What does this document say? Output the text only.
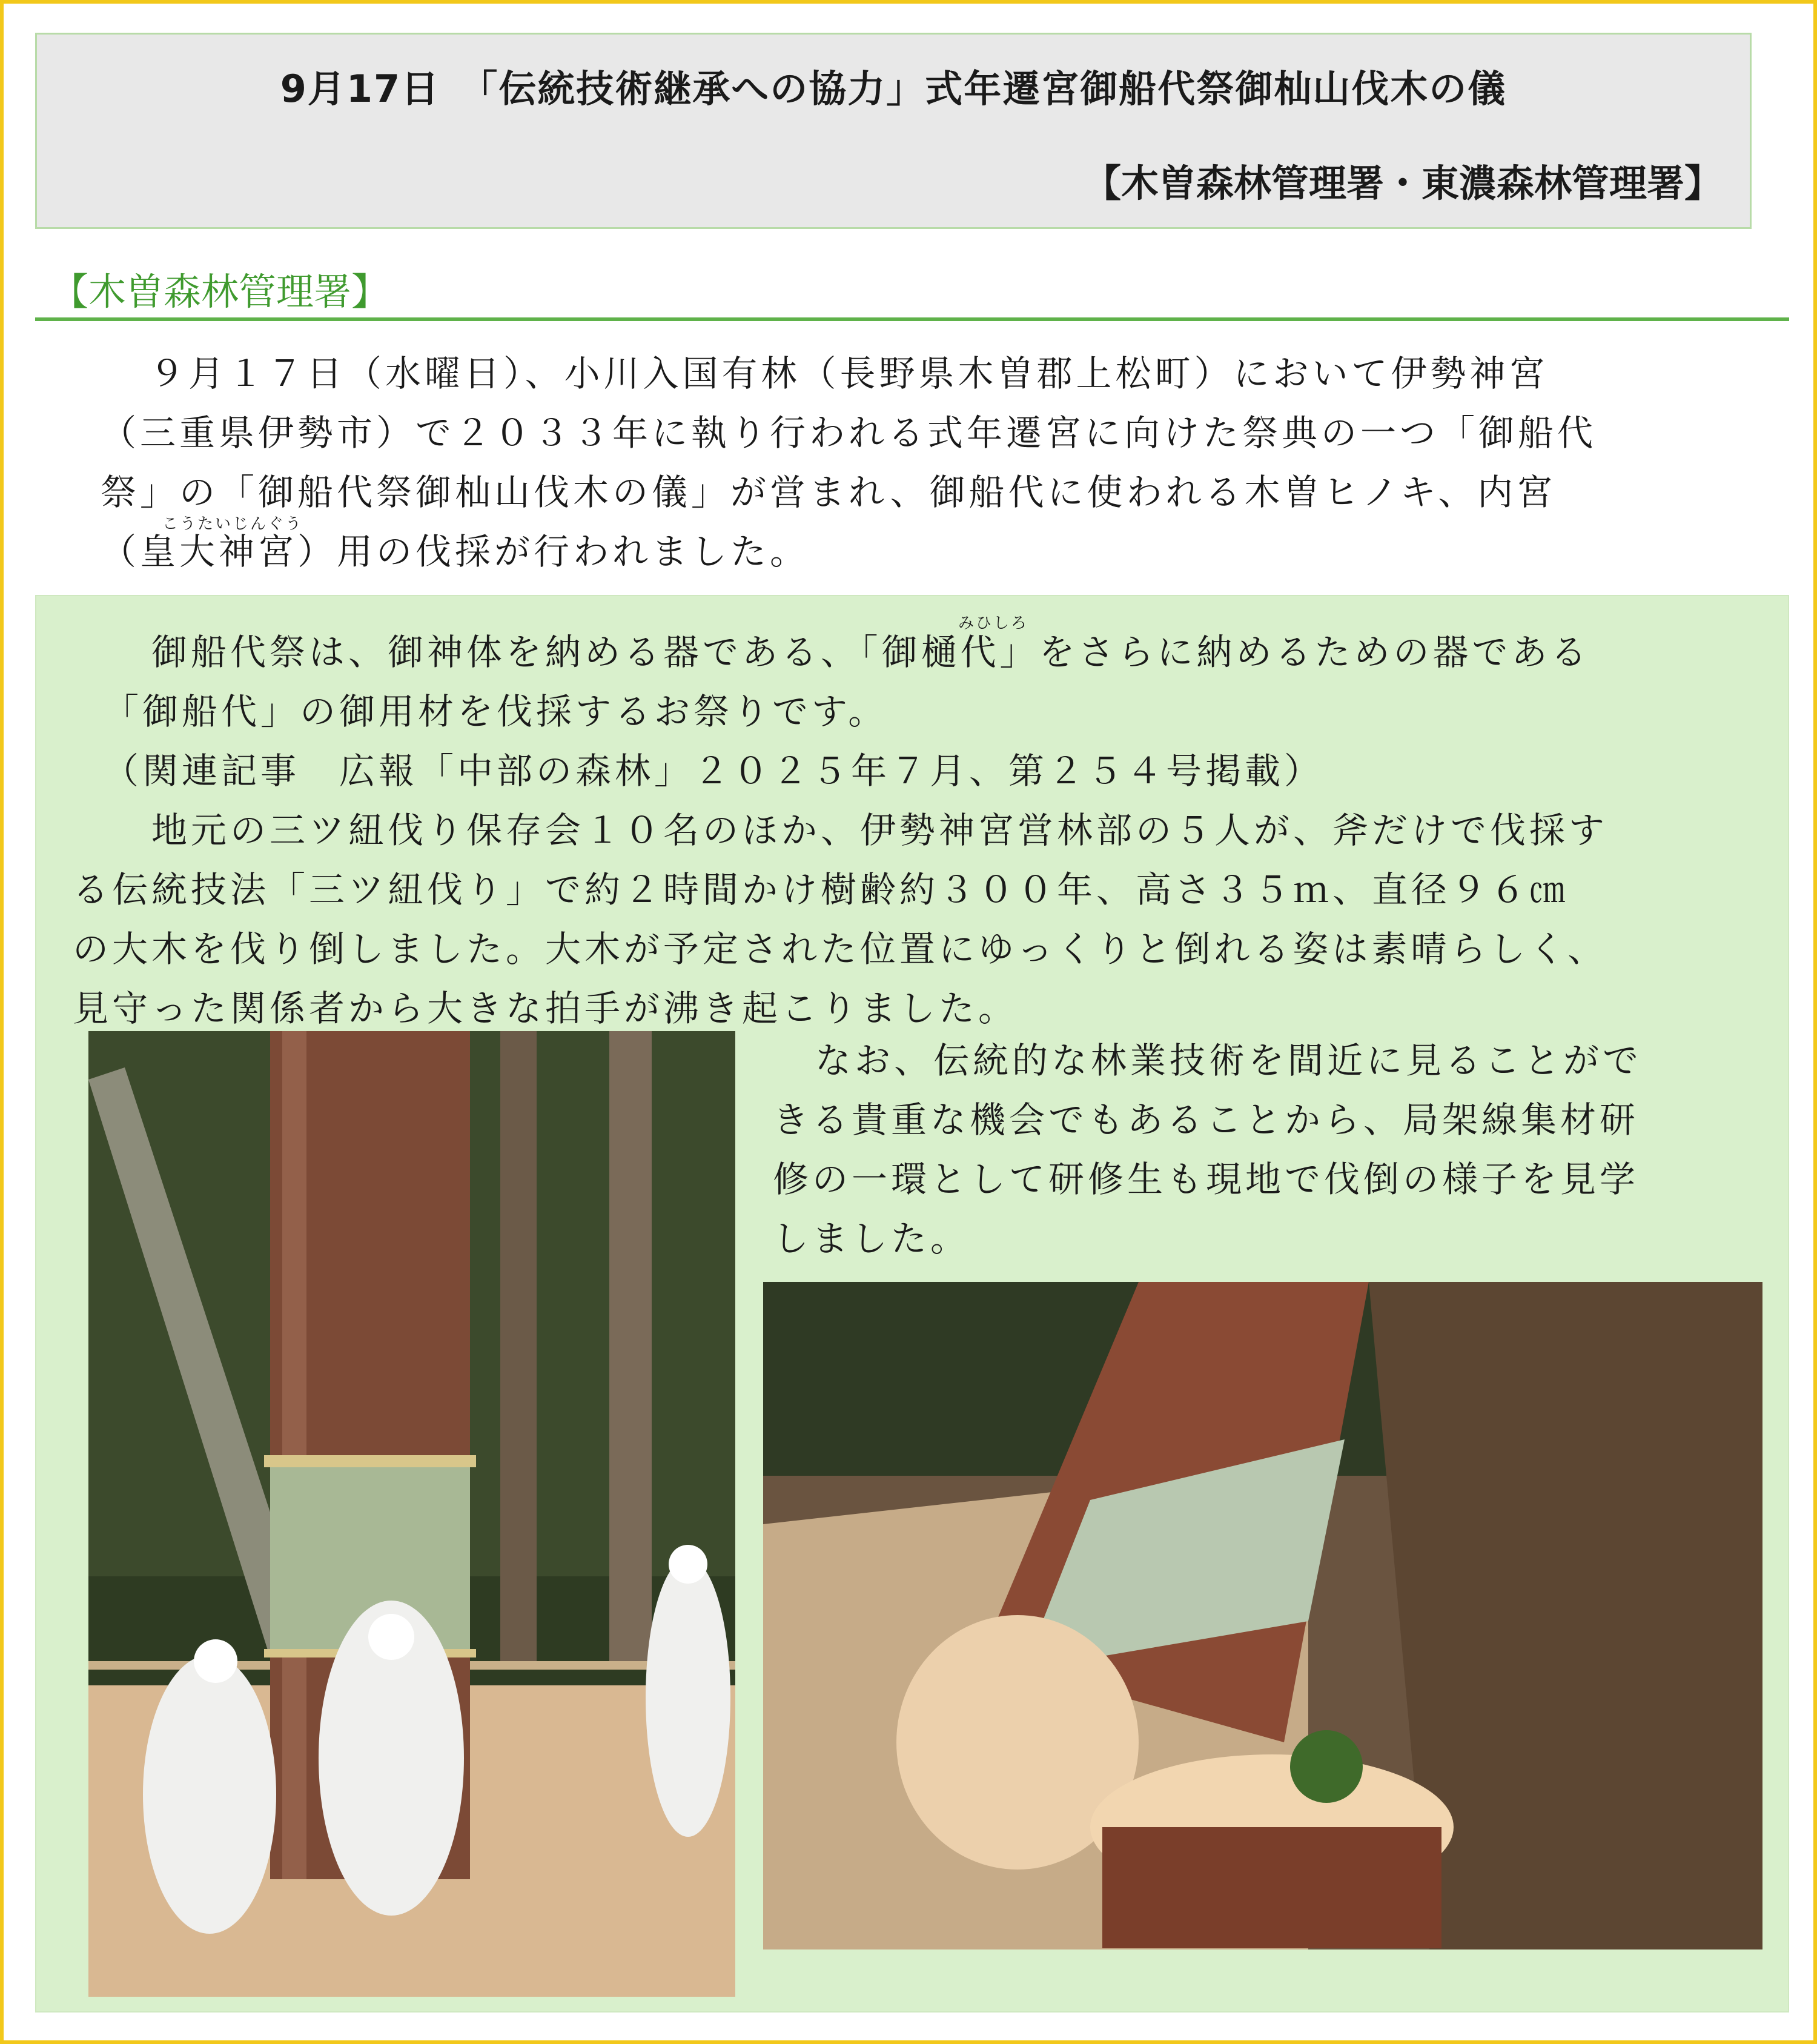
9月17日　「伝統技術継承への協力」式年遷宮御船代祭御杣山伐木の儀
【木曽森林管理署・東濃森林管理署】
【木曽森林管理署】
９月１７日（水曜日）、小川入国有林（長野県木曽郡上松町）において伊勢神宮
（三重県伊勢市）で２０３３年に執り行われる式年遷宮に向けた祭典の一つ「御船代
祭」の「御船代祭御杣山伐木の儀」が営まれ、御船代に使われる木曽ヒノキ、内宮
（皇大神宮）用の伐採が行われました。
こうたいじんぐう
みひしろ
御船代祭は、御神体を納める器である、「御樋代」をさらに納めるための器である
「御船代」の御用材を伐採するお祭りです。
（関連記事　広報「中部の森林」２０２５年７月、第２５４号掲載）
地元の三ツ紐伐り保存会１０名のほか、伊勢神宮営林部の５人が、斧だけで伐採す
る伝統技法「三ツ紐伐り」で約２時間かけ樹齢約３００年、高さ３５ｍ、直径９６㎝
の大木を伐り倒しました。大木が予定された位置にゆっくりと倒れる姿は素晴らしく、
見守った関係者から大きな拍手が沸き起こりました。
なお、伝統的な林業技術を間近に見ることがで
きる貴重な機会でもあることから、局架線集材研
修の一環として研修生も現地で伐倒の様子を見学
しました。
